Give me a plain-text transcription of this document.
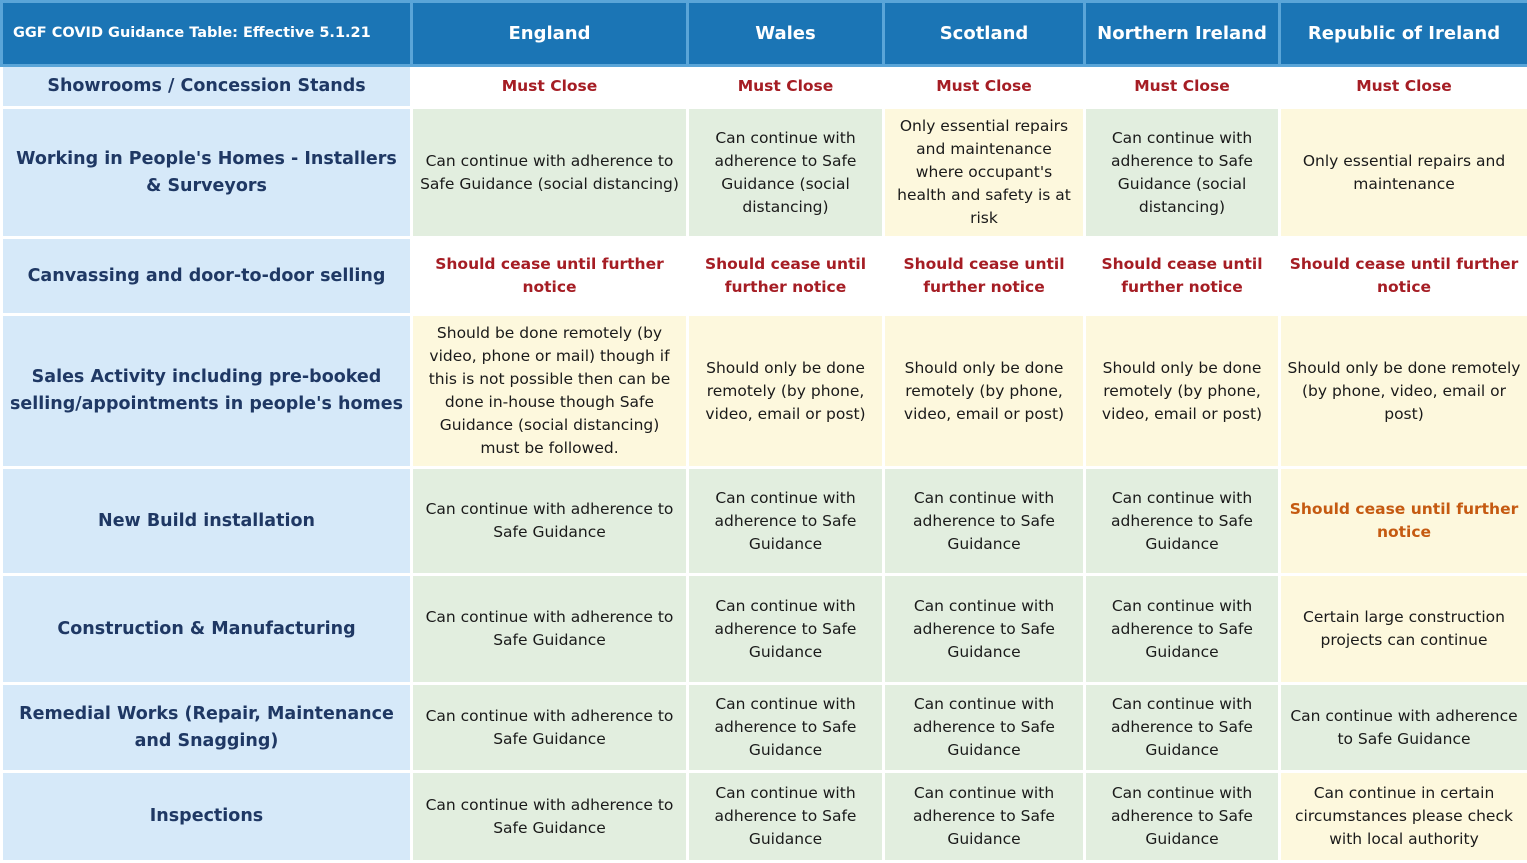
GGF COVID Guidance Table: Effective 5.1.21	England	Wales	Scotland	Northern Ireland	Republic of Ireland
Showrooms / Concession Stands	Must Close	Must Close	Must Close	Must Close	Must Close
Working in People's Homes - Installers & Surveyors	Can continue with adherence to Safe Guidance (social distancing)	Can continue with adherence to Safe Guidance (social distancing)	Only essential repairs and maintenance where occupant's health and safety is at risk	Can continue with adherence to Safe Guidance (social distancing)	Only essential repairs and maintenance
Canvassing and door-to-door selling	Should cease until further notice	Should cease until further notice	Should cease until further notice	Should cease until further notice	Should cease until further notice
Sales Activity including pre-booked selling/appointments in people's homes	Should be done remotely (by video, phone or mail) though if this is not possible then can be done in-house though Safe Guidance (social distancing) must be followed.	Should only be done remotely (by phone, video, email or post)	Should only be done remotely (by phone, video, email or post)	Should only be done remotely (by phone, video, email or post)	Should only be done remotely (by phone, video, email or post)
New Build installation	Can continue with adherence to Safe Guidance	Can continue with adherence to Safe Guidance	Can continue with adherence to Safe Guidance	Can continue with adherence to Safe Guidance	Should cease until further notice
Construction & Manufacturing	Can continue with adherence to Safe Guidance	Can continue with adherence to Safe Guidance	Can continue with adherence to Safe Guidance	Can continue with adherence to Safe Guidance	Certain large construction projects can continue
Remedial Works (Repair, Maintenance and Snagging)	Can continue with adherence to Safe Guidance	Can continue with adherence to Safe Guidance	Can continue with adherence to Safe Guidance	Can continue with adherence to Safe Guidance	Can continue with adherence to Safe Guidance
Inspections	Can continue with adherence to Safe Guidance	Can continue with adherence to Safe Guidance	Can continue with adherence to Safe Guidance	Can continue with adherence to Safe Guidance	Can continue in certain circumstances please check with local authority
